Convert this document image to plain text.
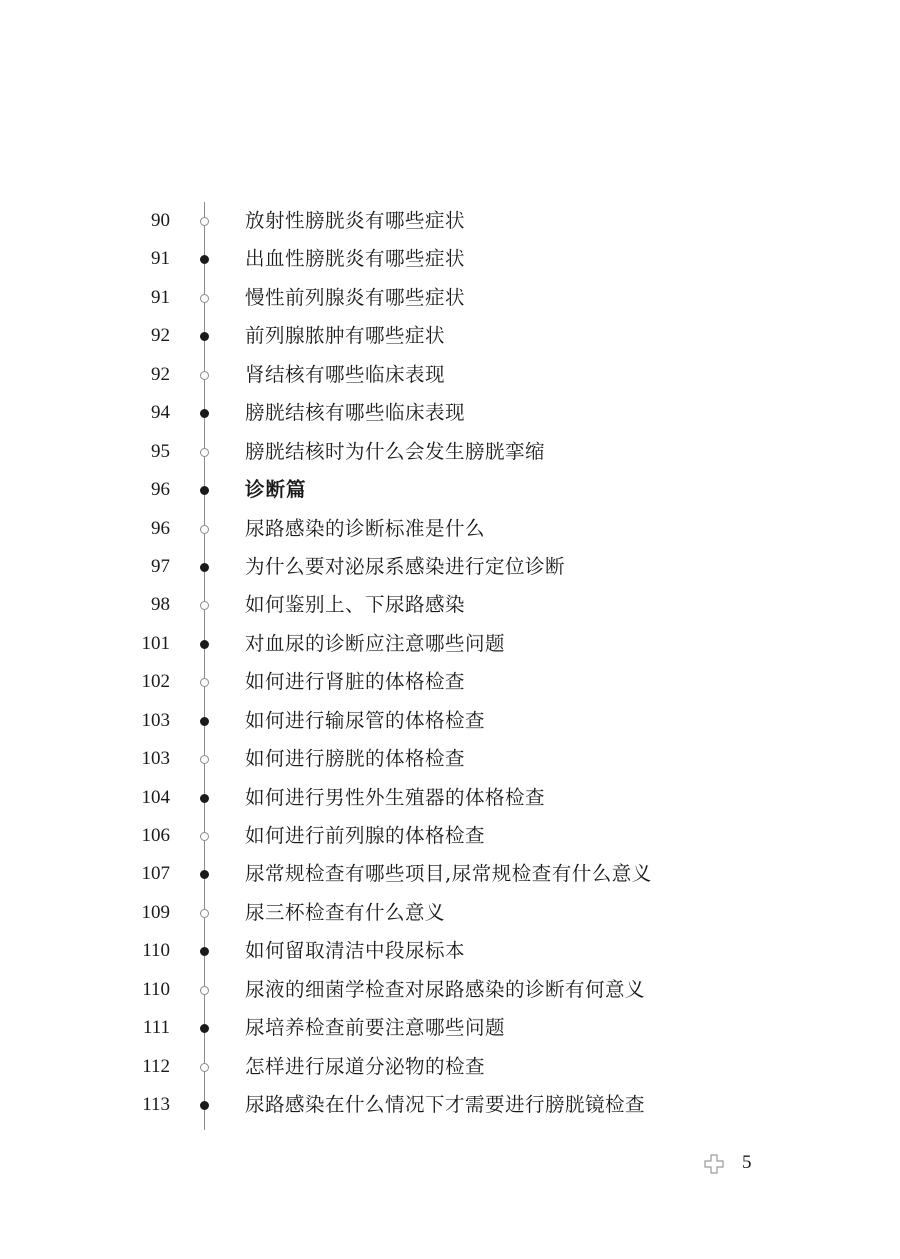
90	放射性膀胱炎有哪些症状
91	出血性膀胱炎有哪些症状
91	慢性前列腺炎有哪些症状
92	前列腺脓肿有哪些症状
92	肾结核有哪些临床表现
94	膀胱结核有哪些临床表现
95	膀胱结核时为什么会发生膀胱挛缩
96	诊断篇
96	尿路感染的诊断标准是什么
97	为什么要对泌尿系感染进行定位诊断
98	如何鉴别上、下尿路感染
101	对血尿的诊断应注意哪些问题
102	如何进行肾脏的体格检查
103	如何进行输尿管的体格检查
103	如何进行膀胱的体格检查
104	如何进行男性外生殖器的体格检查
106	如何进行前列腺的体格检查
107	尿常规检查有哪些项目,尿常规检查有什么意义
109	尿三杯检查有什么意义
110	如何留取清洁中段尿标本
110	尿液的细菌学检查对尿路感染的诊断有何意义
111	尿培养检查前要注意哪些问题
112	怎样进行尿道分泌物的检查
113	尿路感染在什么情况下才需要进行膀胱镜检查
5
